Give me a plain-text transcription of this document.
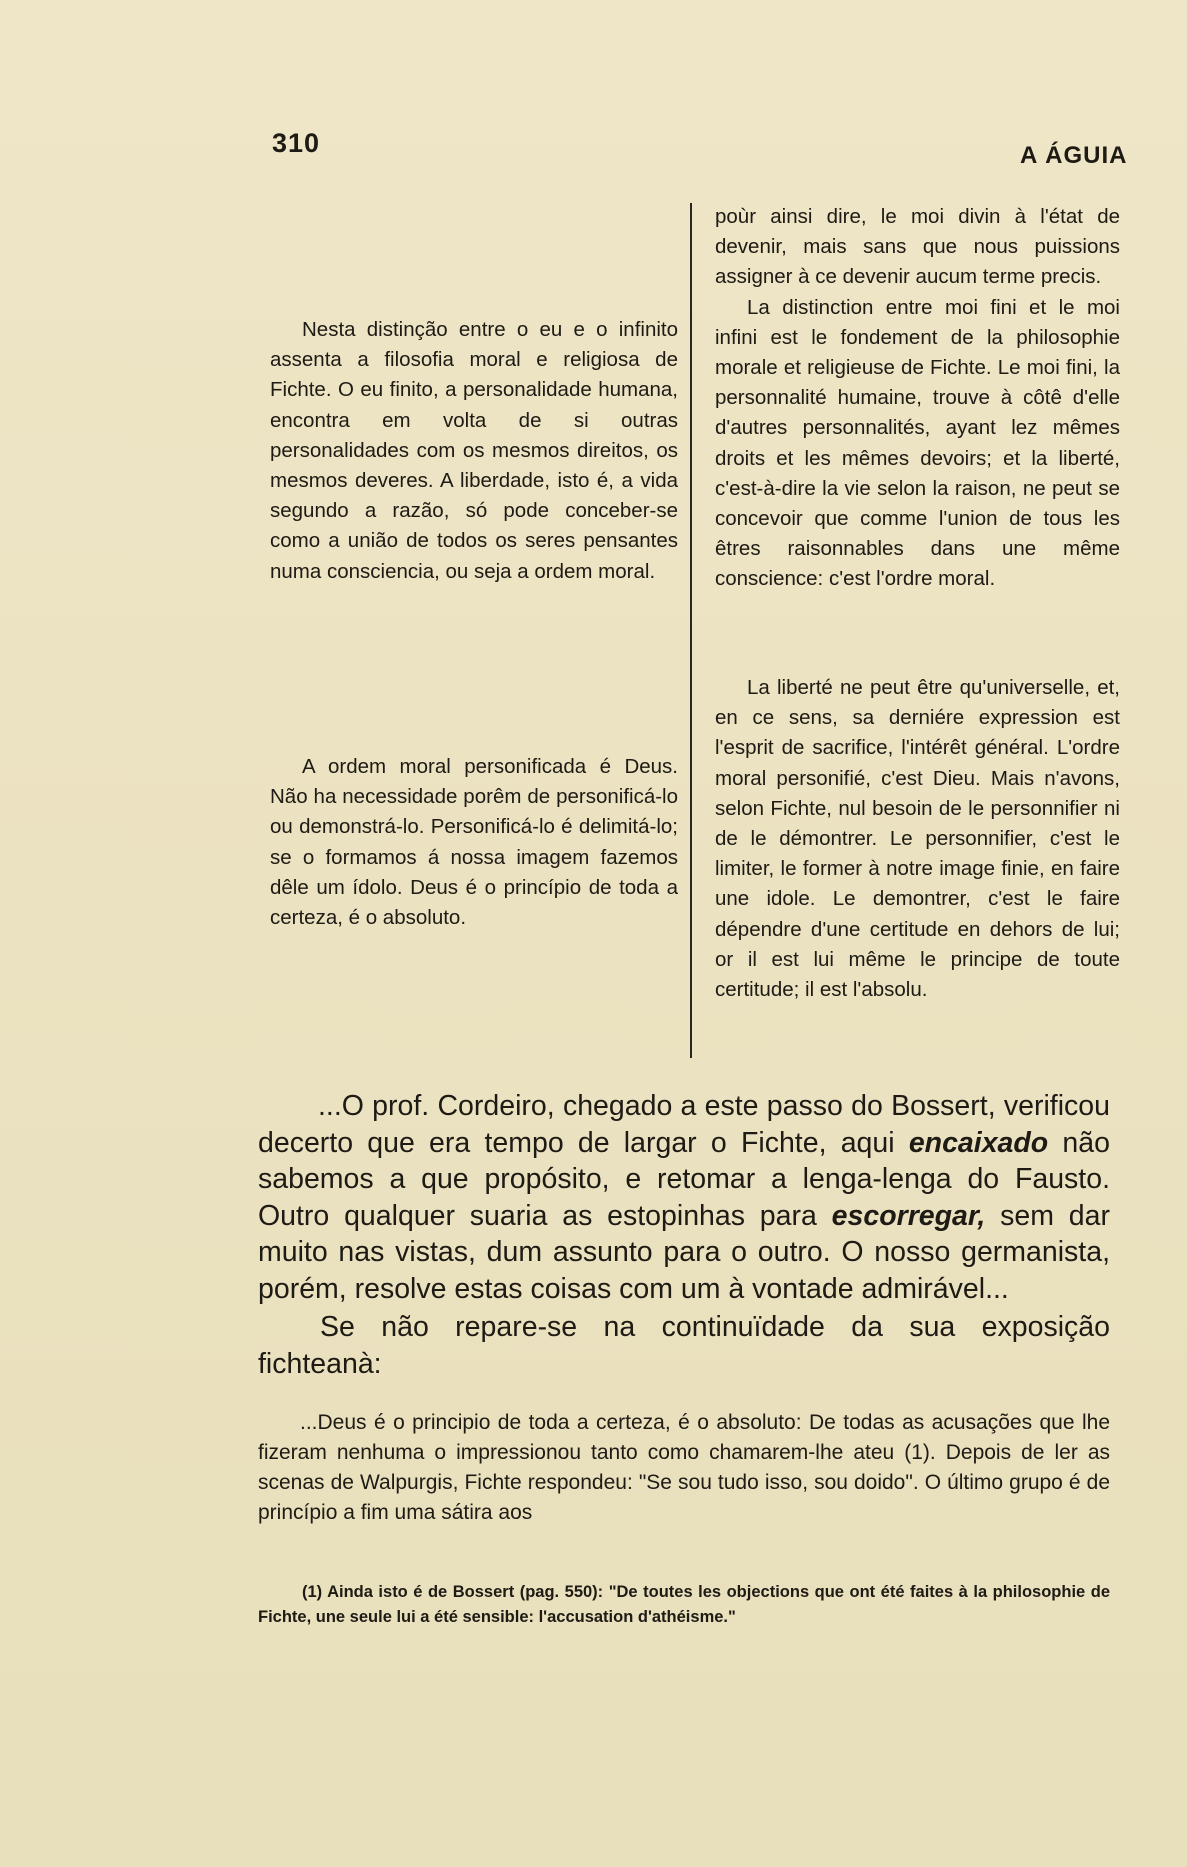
310	A ÁGUIA

Nesta distinção entre o eu e o infinito assenta a filosofia moral e religiosa de Fichte. O eu finito, a personalidade humana, encontra em volta de si outras personalidades com os mesmos direitos, os mesmos deveres. A liberdade, isto é, a vida segundo a razão, só pode conceber-se como a união de todos os seres pensantes numa consciencia, ou seja a ordem moral.

A ordem moral personificada é Deus. Não ha necessidade porêm de personificá-lo ou demonstrá-lo. Personificá-lo é delimitá-lo; se o formamos á nossa imagem fazemos dêle um ídolo. Deus é o princípio de toda a certeza, é o absoluto.

poùr ainsi dire, le moi divin à l'état de devenir, mais sans que nous puissions assigner à ce devenir aucum terme precis.

La distinction entre moi fini et le moi infini est le fondement de la philosophie morale et religieuse de Fichte. Le moi fini, la personnalité humaine, trouve à côtê d'elle d'autres personnalités, ayant lez mêmes droits et les mêmes devoirs; et la liberté, c'est-à-dire la vie selon la raison, ne peut se concevoir que comme l'union de tous les êtres raisonnables dans une même conscience: c'est l'ordre moral.

La liberté ne peut être qu'universelle, et, en ce sens, sa derniére expression est l'esprit de sacrifice, l'intérêt général. L'ordre moral personifié, c'est Dieu. Mais n'avons, selon Fichte, nul besoin de le personnifier ni de le démontrer. Le personnifier, c'est le limiter, le former à notre image finie, en faire une idole. Le demontrer, c'est le faire dépendre d'une certitude en dehors de lui; or il est lui même le principe de toute certitude; il est l'absolu.

...O prof. Cordeiro, chegado a este passo do Bossert, verificou decerto que era tempo de largar o Fichte, aqui encaixado não sabemos a que propósito, e retomar a lenga-lenga do Fausto. Outro qualquer suaria as estopinhas para escorregar, sem dar muito nas vistas, dum assunto para o outro. O nosso germanista, porém, resolve estas coisas com um à vontade admirável...

Se não repare-se na continuïdade da sua exposição fichteanà:

...Deus é o principio de toda a certeza, é o absoluto: De todas as acusações que lhe fizeram nenhuma o impressionou tanto como chamarem-lhe ateu (1). Depois de ler as scenas de Walpurgis, Fichte respondeu: "Se sou tudo isso, sou doido". O último grupo é de princípio a fim uma sátira aos

(1) Ainda isto é de Bossert (pag. 550): "De toutes les objections que ont été faites à la philosophie de Fichte, une seule lui a été sensible: l'accusation d'athéisme."
